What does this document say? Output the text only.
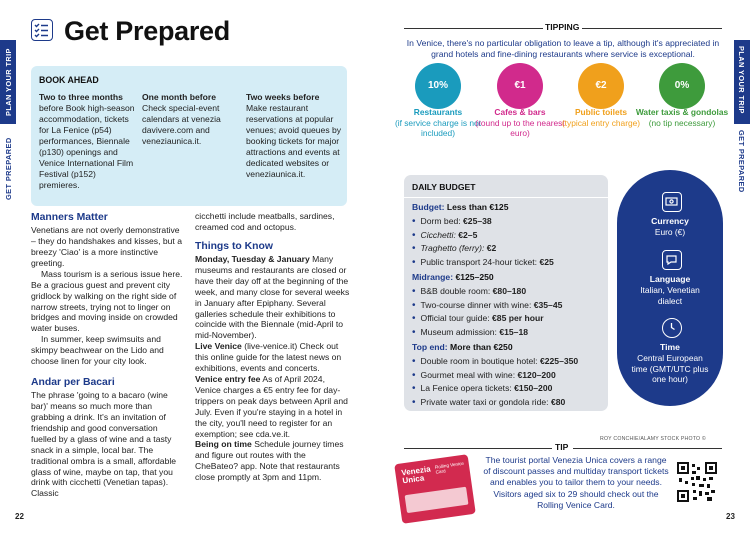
PLAN YOUR TRIP
GET PREPARED
PLAN YOUR TRIP
GET PREPARED
Get Prepared
BOOK AHEAD
Two to three months before Book high-season accommodation, tickets for La Fenice (p54) performances, Biennale (p130) openings and Venice International Film Festival (p152) premieres.
One month before
Check special-event calendars at venezia davivere.com and veneziaunica.it.
Two weeks before
Make restaurant reservations at popular venues; avoid queues by booking tickets for major attractions and events at dedicated websites or veneziaunica.it.
Manners Matter
Venetians are not overly demonstrative – they do handshakes and kisses, but a breezy 'Ciao' is a more instinctive greeting.
Mass tourism is a serious issue here. Be a gracious guest and prevent city gridlock by walking on the right side of narrow streets, trying not to linger on bridges and moving inside on crowded water buses.
In summer, keep swimsuits and skimpy beachwear on the Lido and choose linen for your city look.
Andar per Bacari
The phrase 'going to a bacaro (wine bar)' means so much more than grabbing a drink. It's an invitation of friendship and good conversation fuelled by a glass of wine and a tasty snack in a simple, local bar. The traditional ombra is a small, affordable glass of wine, maybe on tap, that you drink with cicchetti (Venetian tapas). Classic
cicchetti include meatballs, sardines, creamed cod and octopus.
Things to Know
Monday, Tuesday & January Many museums and restaurants are closed or have their day off at the beginning of the week, and many close for several weeks in January after Epiphany. Several galleries schedule their exhibitions to coincide with the Biennale (mid-April to mid-November).
Live Venice (live-venice.it) Check out this online guide for the latest news on exhibitions, events and concerts.
Venice entry fee As of April 2024, Venice charges a €5 entry fee for day-trippers on peak days between April and July. Even if you're staying in a hotel in the city, you'll need to register for an exemption; see cda.ve.it.
Being on time Schedule journey times and figure out routes with the CheBateo? app. Note that restaurants close promptly at 3pm and 11pm.
22
TIPPING
In Venice, there's no particular obligation to leave a tip, although it's appreciated in grand hotels and fine-dining restaurants where service is exceptional.
10%	€1	€2	0%
Restaurants
(if service charge is not included)
Cafes & bars
(round up to the nearest euro)
Public toilets
(typical entry charge)
Water taxis & gondolas
(no tip necessary)
DAILY BUDGET
Budget: Less than €125
• Dorm bed: €25–38
• Cicchetti: €2–5
• Traghetto (ferry): €2
• Public transport 24-hour ticket: €25
Midrange: €125–250
• B&B double room: €80–180
• Two-course dinner with wine: €35–45
• Official tour guide: €85 per hour
• Museum admission: €15–18
Top end: More than €250
• Double room in boutique hotel: €225–350
• Gourmet meal with wine: €120–200
• La Fenice opera tickets: €150–200
• Private water taxi or gondola ride: €80
Currency
Euro (€)
Language
Italian, Venetian dialect
Time
Central European time (GMT/UTC plus one hour)
ROY CONCHIE/ALAMY STOCK PHOTO ©
TIP
Venezia Unica
Rolling Venice Card
The tourist portal Venezia Unica covers a range of discount passes and multiday transport tickets and enables you to tailor them to your needs. Visitors aged six to 29 should check out the Rolling Venice Card.
23
